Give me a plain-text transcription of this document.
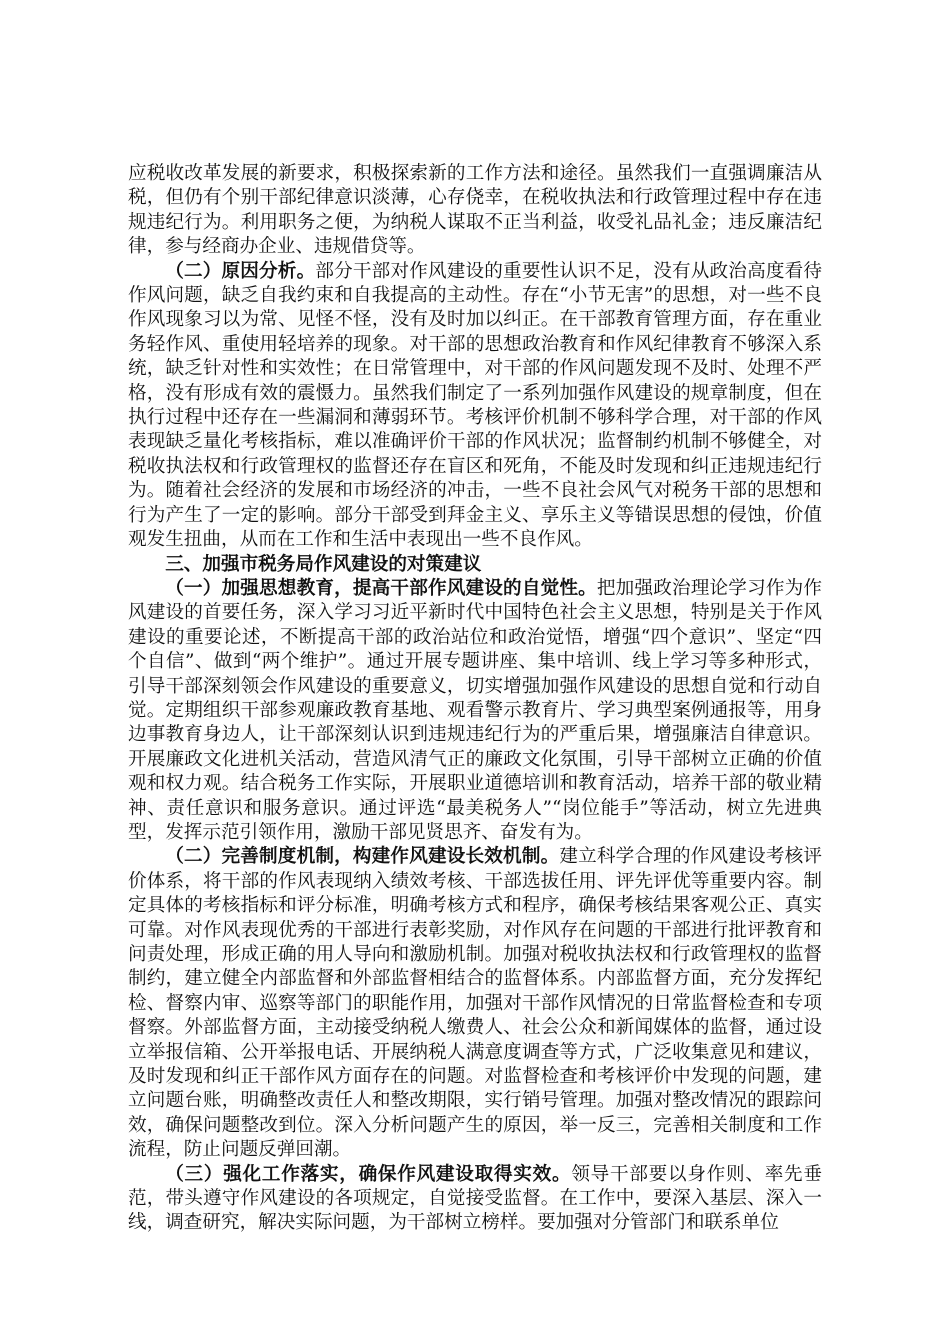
应税收改革发展的新要求，积极探索新的工作方法和途径。虽然我们一直强调廉洁从税，但仍有个别干部纪律意识淡薄，心存侥幸，在税收执法和行政管理过程中存在违规违纪行为。利用职务之便，为纳税人谋取不正当利益，收受礼品礼金；违反廉洁纪律，参与经商办企业、违规借贷等。

（二）原因分析。部分干部对作风建设的重要性认识不足，没有从政治高度看待作风问题，缺乏自我约束和自我提高的主动性。存在“小节无害”的思想，对一些不良作风现象习以为常、见怪不怪，没有及时加以纠正。在干部教育管理方面，存在重业务轻作风、重使用轻培养的现象。对干部的思想政治教育和作风纪律教育不够深入系统，缺乏针对性和实效性；在日常管理中，对干部的作风问题发现不及时、处理不严格，没有形成有效的震慑力。虽然我们制定了一系列加强作风建设的规章制度，但在执行过程中还存在一些漏洞和薄弱环节。考核评价机制不够科学合理，对干部的作风表现缺乏量化考核指标，难以准确评价干部的作风状况；监督制约机制不够健全，对税收执法权和行政管理权的监督还存在盲区和死角，不能及时发现和纠正违规违纪行为。随着社会经济的发展和市场经济的冲击，一些不良社会风气对税务干部的思想和行为产生了一定的影响。部分干部受到拜金主义、享乐主义等错误思想的侵蚀，价值观发生扭曲，从而在工作和生活中表现出一些不良作风。

三、加强市税务局作风建设的对策建议

（一）加强思想教育，提高干部作风建设的自觉性。把加强政治理论学习作为作风建设的首要任务，深入学习习近平新时代中国特色社会主义思想，特别是关于作风建设的重要论述，不断提高干部的政治站位和政治觉悟，增强“四个意识”、坚定“四个自信”、做到“两个维护”。通过开展专题讲座、集中培训、线上学习等多种形式，引导干部深刻领会作风建设的重要意义，切实增强加强作风建设的思想自觉和行动自觉。定期组织干部参观廉政教育基地、观看警示教育片、学习典型案例通报等，用身边事教育身边人，让干部深刻认识到违规违纪行为的严重后果，增强廉洁自律意识。开展廉政文化进机关活动，营造风清气正的廉政文化氛围，引导干部树立正确的价值观和权力观。结合税务工作实际，开展职业道德培训和教育活动，培养干部的敬业精神、责任意识和服务意识。通过评选“最美税务人”“岗位能手”等活动，树立先进典型，发挥示范引领作用，激励干部见贤思齐、奋发有为。

（二）完善制度机制，构建作风建设长效机制。建立科学合理的作风建设考核评价体系，将干部的作风表现纳入绩效考核、干部选拔任用、评先评优等重要内容。制定具体的考核指标和评分标准，明确考核方式和程序，确保考核结果客观公正、真实可靠。对作风表现优秀的干部进行表彰奖励，对作风存在问题的干部进行批评教育和问责处理，形成正确的用人导向和激励机制。加强对税收执法权和行政管理权的监督制约，建立健全内部监督和外部监督相结合的监督体系。内部监督方面，充分发挥纪检、督察内审、巡察等部门的职能作用，加强对干部作风情况的日常监督检查和专项督察。外部监督方面，主动接受纳税人缴费人、社会公众和新闻媒体的监督，通过设立举报信箱、公开举报电话、开展纳税人满意度调查等方式，广泛收集意见和建议，及时发现和纠正干部作风方面存在的问题。对监督检查和考核评价中发现的问题，建立问题台账，明确整改责任人和整改期限，实行销号管理。加强对整改情况的跟踪问效，确保问题整改到位。深入分析问题产生的原因，举一反三，完善相关制度和工作流程，防止问题反弹回潮。

（三）强化工作落实，确保作风建设取得实效。领导干部要以身作则、率先垂范，带头遵守作风建设的各项规定，自觉接受监督。在工作中，要深入基层、深入一线，调查研究，解决实际问题，为干部树立榜样。要加强对分管部门和联系单位
